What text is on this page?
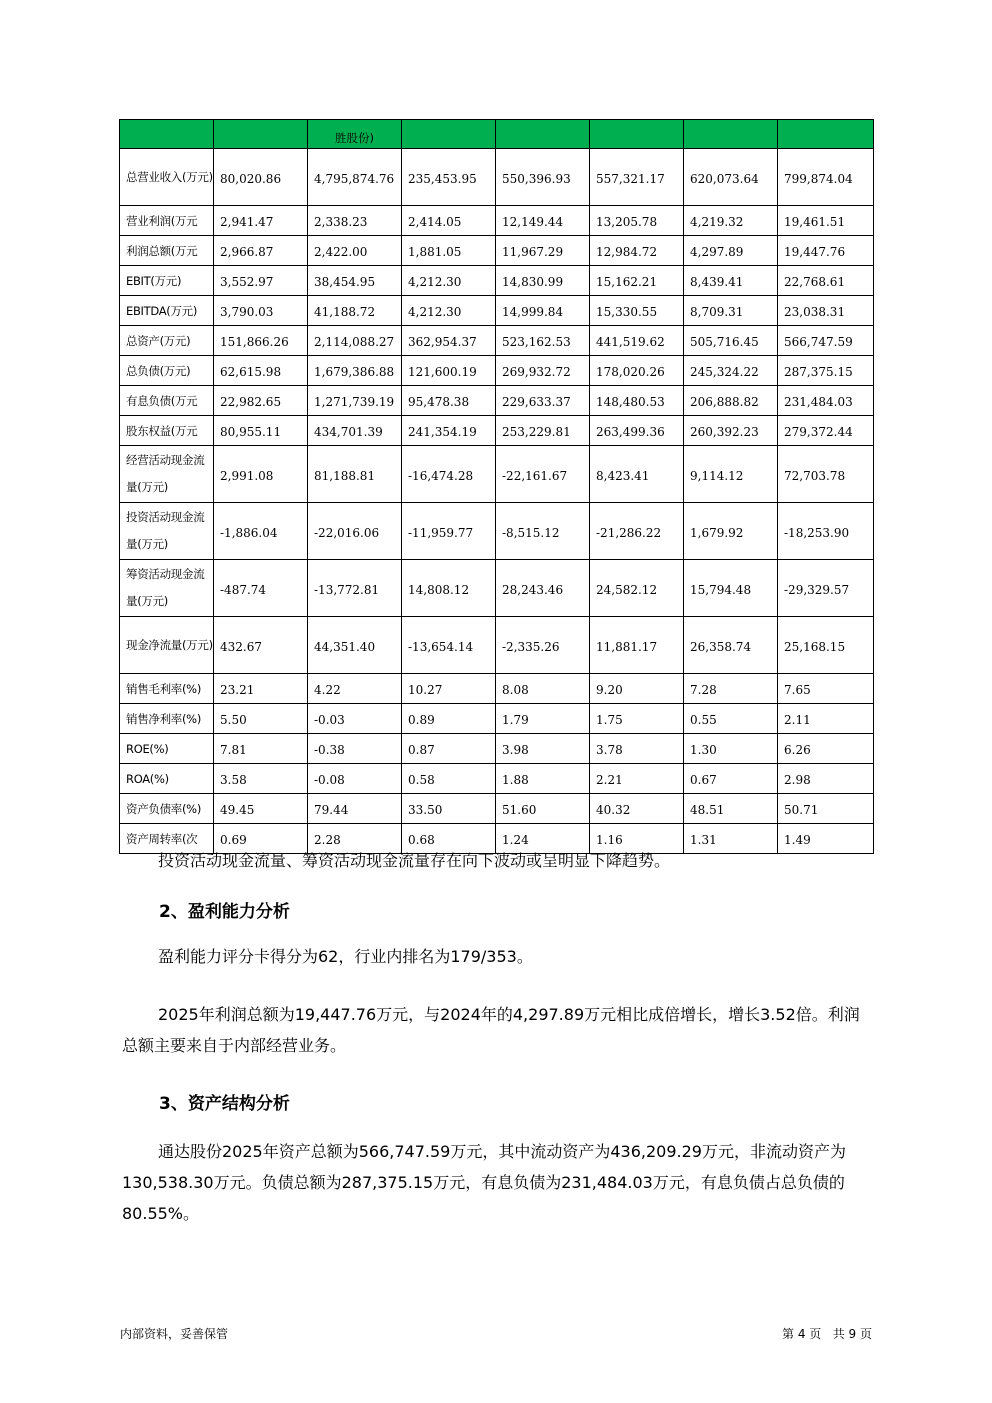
		胜股份)					
总营业收入(万元)	80,020.86	4,795,874.76	235,453.95	550,396.93	557,321.17	620,073.64	799,874.04
营业利润(万元	2,941.47	2,338.23	2,414.05	12,149.44	13,205.78	4,219.32	19,461.51
利润总额(万元	2,966.87	2,422.00	1,881.05	11,967.29	12,984.72	4,297.89	19,447.76
EBIT(万元)	3,552.97	38,454.95	4,212.30	14,830.99	15,162.21	8,439.41	22,768.61
EBITDA(万元)	3,790.03	41,188.72	4,212.30	14,999.84	15,330.55	8,709.31	23,038.31
总资产(万元)	151,866.26	2,114,088.27	362,954.37	523,162.53	441,519.62	505,716.45	566,747.59
总负债(万元)	62,615.98	1,679,386.88	121,600.19	269,932.72	178,020.26	245,324.22	287,375.15
有息负债(万元	22,982.65	1,271,739.19	95,478.38	229,633.37	148,480.53	206,888.82	231,484.03
股东权益(万元	80,955.11	434,701.39	241,354.19	253,229.81	263,499.36	260,392.23	279,372.44
经营活动现金流量(万元)	2,991.08	81,188.81	-16,474.28	-22,161.67	8,423.41	9,114.12	72,703.78
投资活动现金流量(万元)	-1,886.04	-22,016.06	-11,959.77	-8,515.12	-21,286.22	1,679.92	-18,253.90
筹资活动现金流量(万元)	-487.74	-13,772.81	14,808.12	28,243.46	24,582.12	15,794.48	-29,329.57
现金净流量(万元)	432.67	44,351.40	-13,654.14	-2,335.26	11,881.17	26,358.74	25,168.15
销售毛利率(%)	23.21	4.22	10.27	8.08	9.20	7.28	7.65
销售净利率(%)	5.50	-0.03	0.89	1.79	1.75	0.55	2.11
ROE(%)	7.81	-0.38	0.87	3.98	3.78	1.30	6.26
ROA(%)	3.58	-0.08	0.58	1.88	2.21	0.67	2.98
资产负债率(%)	49.45	79.44	33.50	51.60	40.32	48.51	50.71
资产周转率(次	0.69	2.28	0.68	1.24	1.16	1.31	1.49

投资活动现金流量、筹资活动现金流量存在向下波动或呈明显下降趋势。

2、盈利能力分析

盈利能力评分卡得分为62，行业内排名为179/353。

2025年利润总额为19,447.76万元，与2024年的4,297.89万元相比成倍增长，增长3.52倍。利润总额主要来自于内部经营业务。

3、资产结构分析

通达股份2025年资产总额为566,747.59万元，其中流动资产为436,209.29万元，非流动资产为130,538.30万元。负债总额为287,375.15万元，有息负债为231,484.03万元，有息负债占总负债的80.55%。

内部资料，妥善保管	第 4 页   共 9 页
